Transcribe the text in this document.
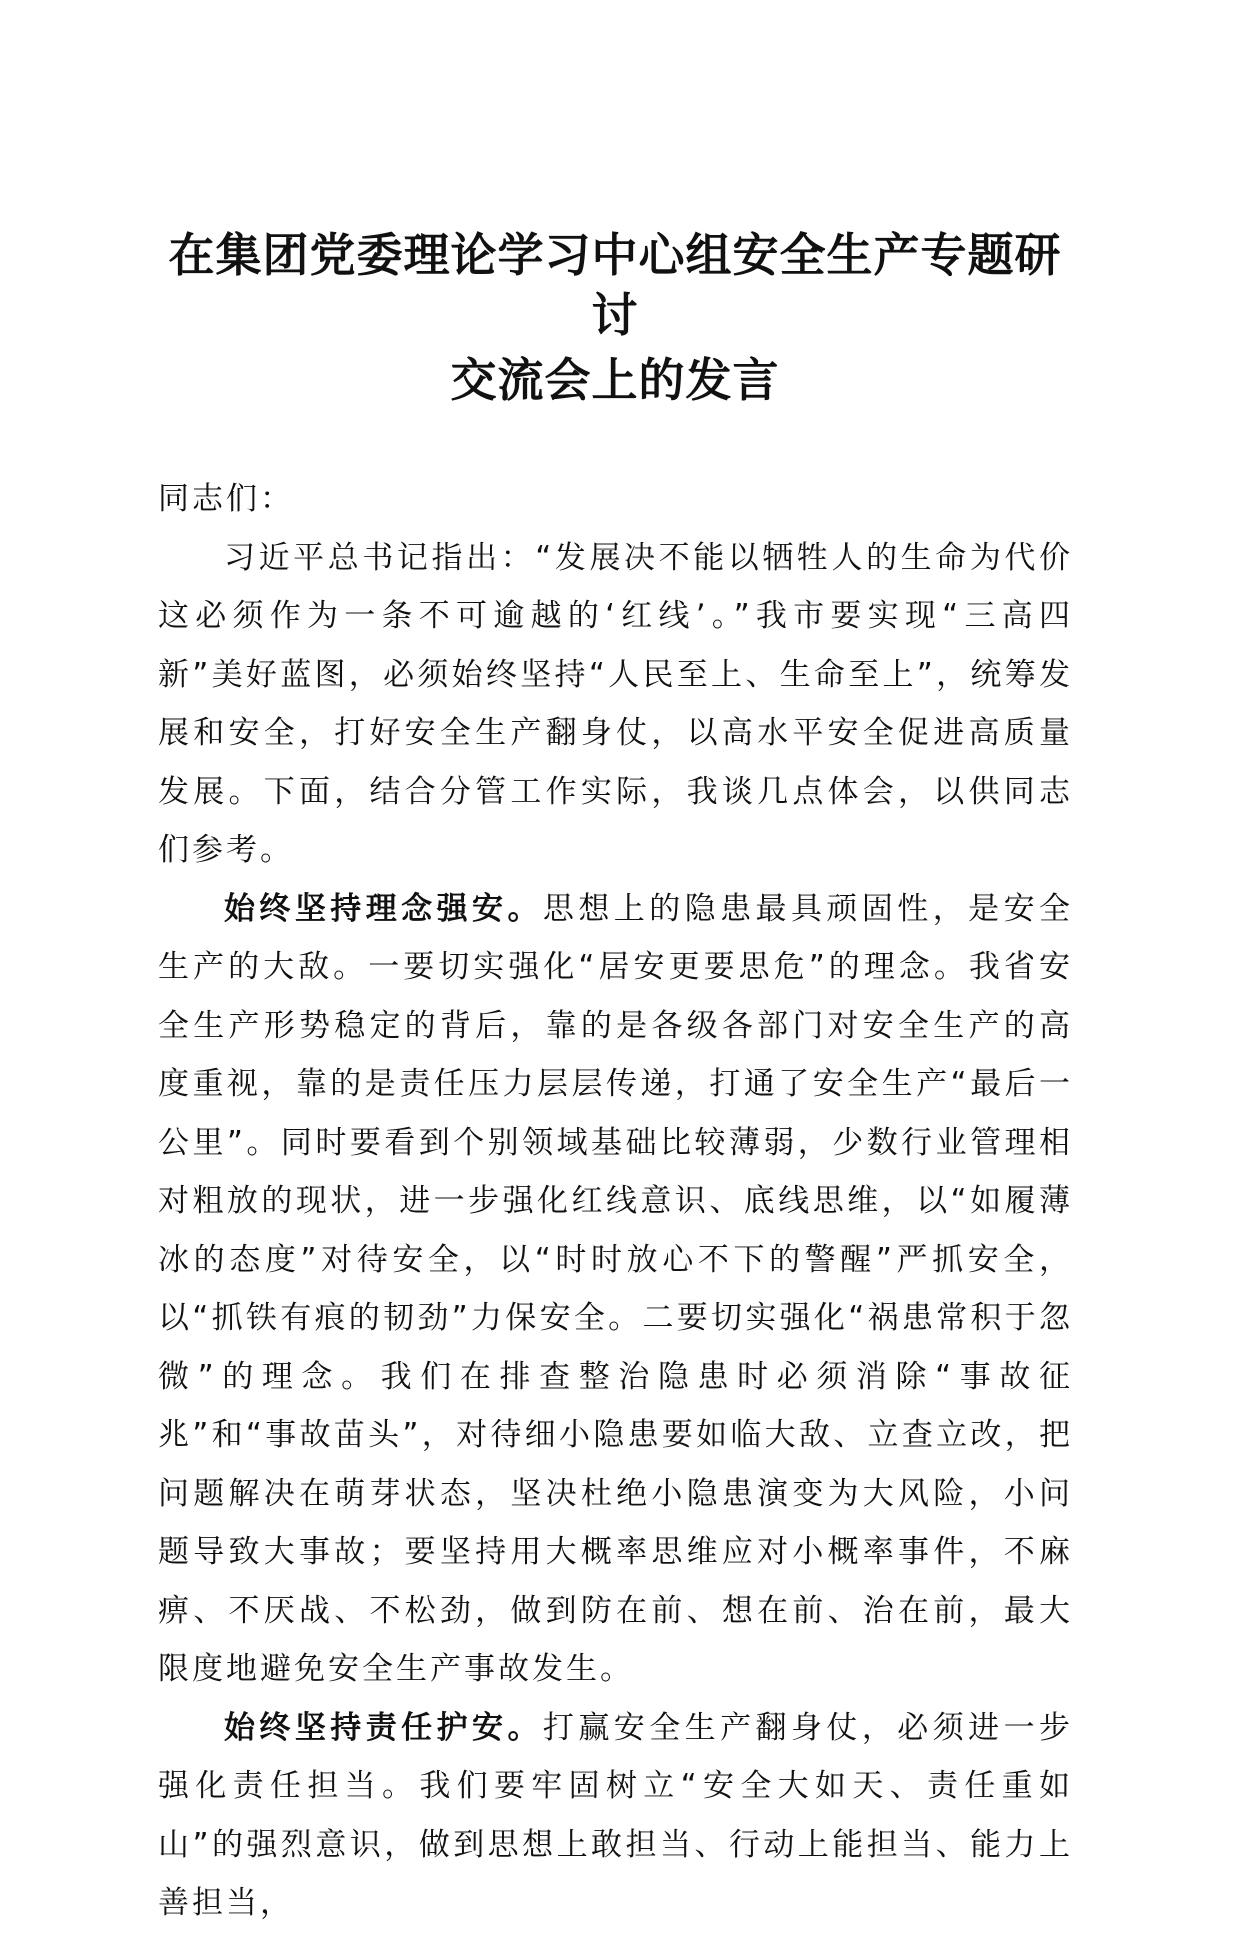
在集团党委理论学习中心组安全生产专题研讨
交流会上的发言

同志们：

习近平总书记指出：“发展决不能以牺牲人的生命为代价这必须作为一条不可逾越的‘红线’。”我市要实现“三高四新”美好蓝图，必须始终坚持“人民至上、生命至上”，统筹发展和安全，打好安全生产翻身仗，以高水平安全促进高质量发展。下面，结合分管工作实际，我谈几点体会，以供同志们参考。

始终坚持理念强安。思想上的隐患最具顽固性，是安全生产的大敌。一要切实强化“居安更要思危”的理念。我省安全生产形势稳定的背后，靠的是各级各部门对安全生产的高度重视，靠的是责任压力层层传递，打通了安全生产“最后一公里”。同时要看到个别领域基础比较薄弱，少数行业管理相对粗放的现状，进一步强化红线意识、底线思维，以“如履薄冰的态度”对待安全，以“时时放心不下的警醒”严抓安全，以“抓铁有痕的韧劲”力保安全。二要切实强化“祸患常积于忽微”的理念。我们在排查整治隐患时必须消除“事故征兆”和“事故苗头”，对待细小隐患要如临大敌、立查立改，把问题解决在萌芽状态，坚决杜绝小隐患演变为大风险，小问题导致大事故；要坚持用大概率思维应对小概率事件，不麻痹、不厌战、不松劲，做到防在前、想在前、治在前，最大限度地避免安全生产事故发生。

始终坚持责任护安。打赢安全生产翻身仗，必须进一步强化责任担当。我们要牢固树立“安全大如天、责任重如山”的强烈意识，做到思想上敢担当、行动上能担当、能力上善担当，
